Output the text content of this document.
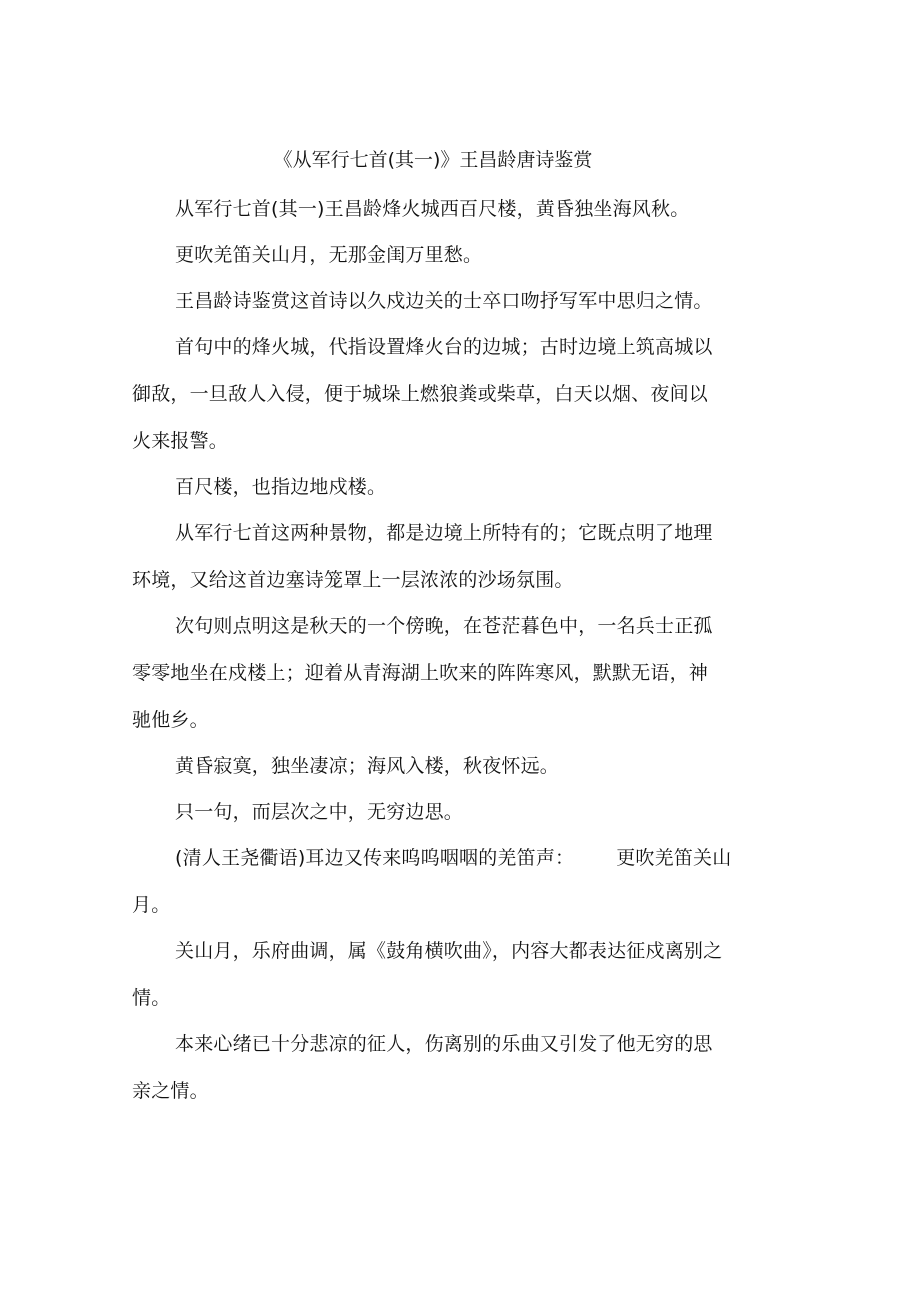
《从军行七首(其一)》王昌龄唐诗鉴赏

从军行七首(其一)王昌龄烽火城西百尺楼，黄昏独坐海风秋。

更吹羌笛关山月，无那金闺万里愁。

王昌龄诗鉴赏这首诗以久戍边关的士卒口吻抒写军中思归之情。

首句中的烽火城，代指设置烽火台的边城；古时边境上筑高城以
御敌，一旦敌人入侵，便于城垛上燃狼粪或柴草，白天以烟、夜间以
火来报警。

百尺楼，也指边地戍楼。

从军行七首这两种景物，都是边境上所特有的；它既点明了地理
环境，又给这首边塞诗笼罩上一层浓浓的沙场氛围。

次句则点明这是秋天的一个傍晚，在苍茫暮色中，一名兵士正孤
零零地坐在戍楼上；迎着从青海湖上吹来的阵阵寒风，默默无语，神
驰他乡。

黄昏寂寞，独坐凄凉；海风入楼，秋夜怀远。

只一句，而层次之中，无穷边思。

(清人王尧衢语)耳边又传来呜呜咽咽的羌笛声： 更吹羌笛关山
月。

关山月，乐府曲调，属《鼓角横吹曲》，内容大都表达征戍离别之
情。

本来心绪已十分悲凉的征人，伤离别的乐曲又引发了他无穷的思
亲之情。
